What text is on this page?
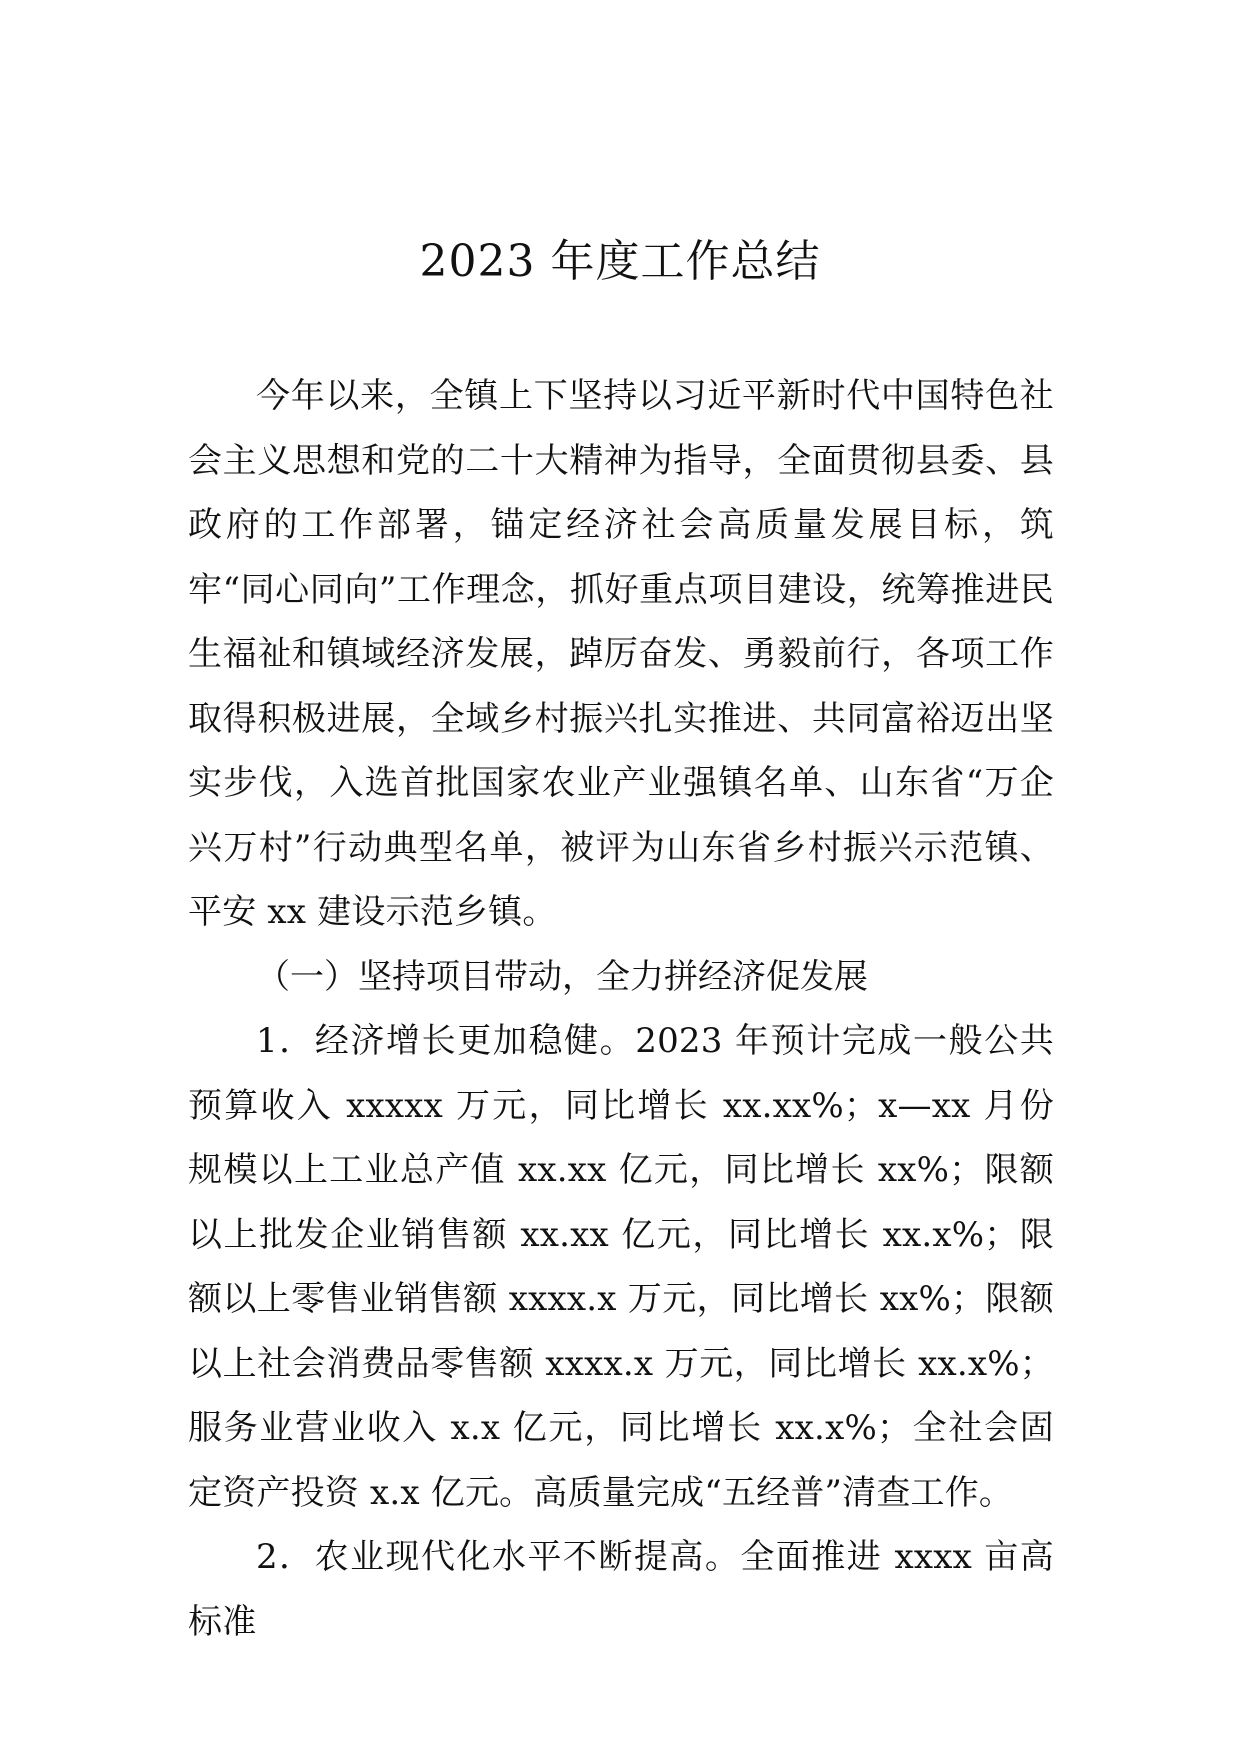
2023 年度工作总结

今年以来，全镇上下坚持以习近平新时代中国特色社会主义思想和党的二十大精神为指导，全面贯彻县委、县政府的工作部署，锚定经济社会高质量发展目标，筑牢“同心同向”工作理念，抓好重点项目建设，统筹推进民生福祉和镇域经济发展，踔厉奋发、勇毅前行，各项工作取得积极进展，全域乡村振兴扎实推进、共同富裕迈出坚实步伐，入选首批国家农业产业强镇名单、山东省“万企兴万村”行动典型名单，被评为山东省乡村振兴示范镇、平安 xx 建设示范乡镇。

（一）坚持项目带动，全力拼经济促发展

1．经济增长更加稳健。2023 年预计完成一般公共预算收入 xxxxx 万元，同比增长 xx.xx%；x—xx 月份规模以上工业总产值 xx.xx 亿元，同比增长 xx%；限额以上批发企业销售额 xx.xx 亿元，同比增长 xx.x%；限额以上零售业销售额 xxxx.x 万元，同比增长 xx%；限额以上社会消费品零售额 xxxx.x 万元，同比增长 xx.x%；服务业营业收入 x.x 亿元，同比增长 xx.x%；全社会固定资产投资 x.x 亿元。高质量完成“五经普”清查工作。

2．农业现代化水平不断提高。全面推进 xxxx 亩高标准
